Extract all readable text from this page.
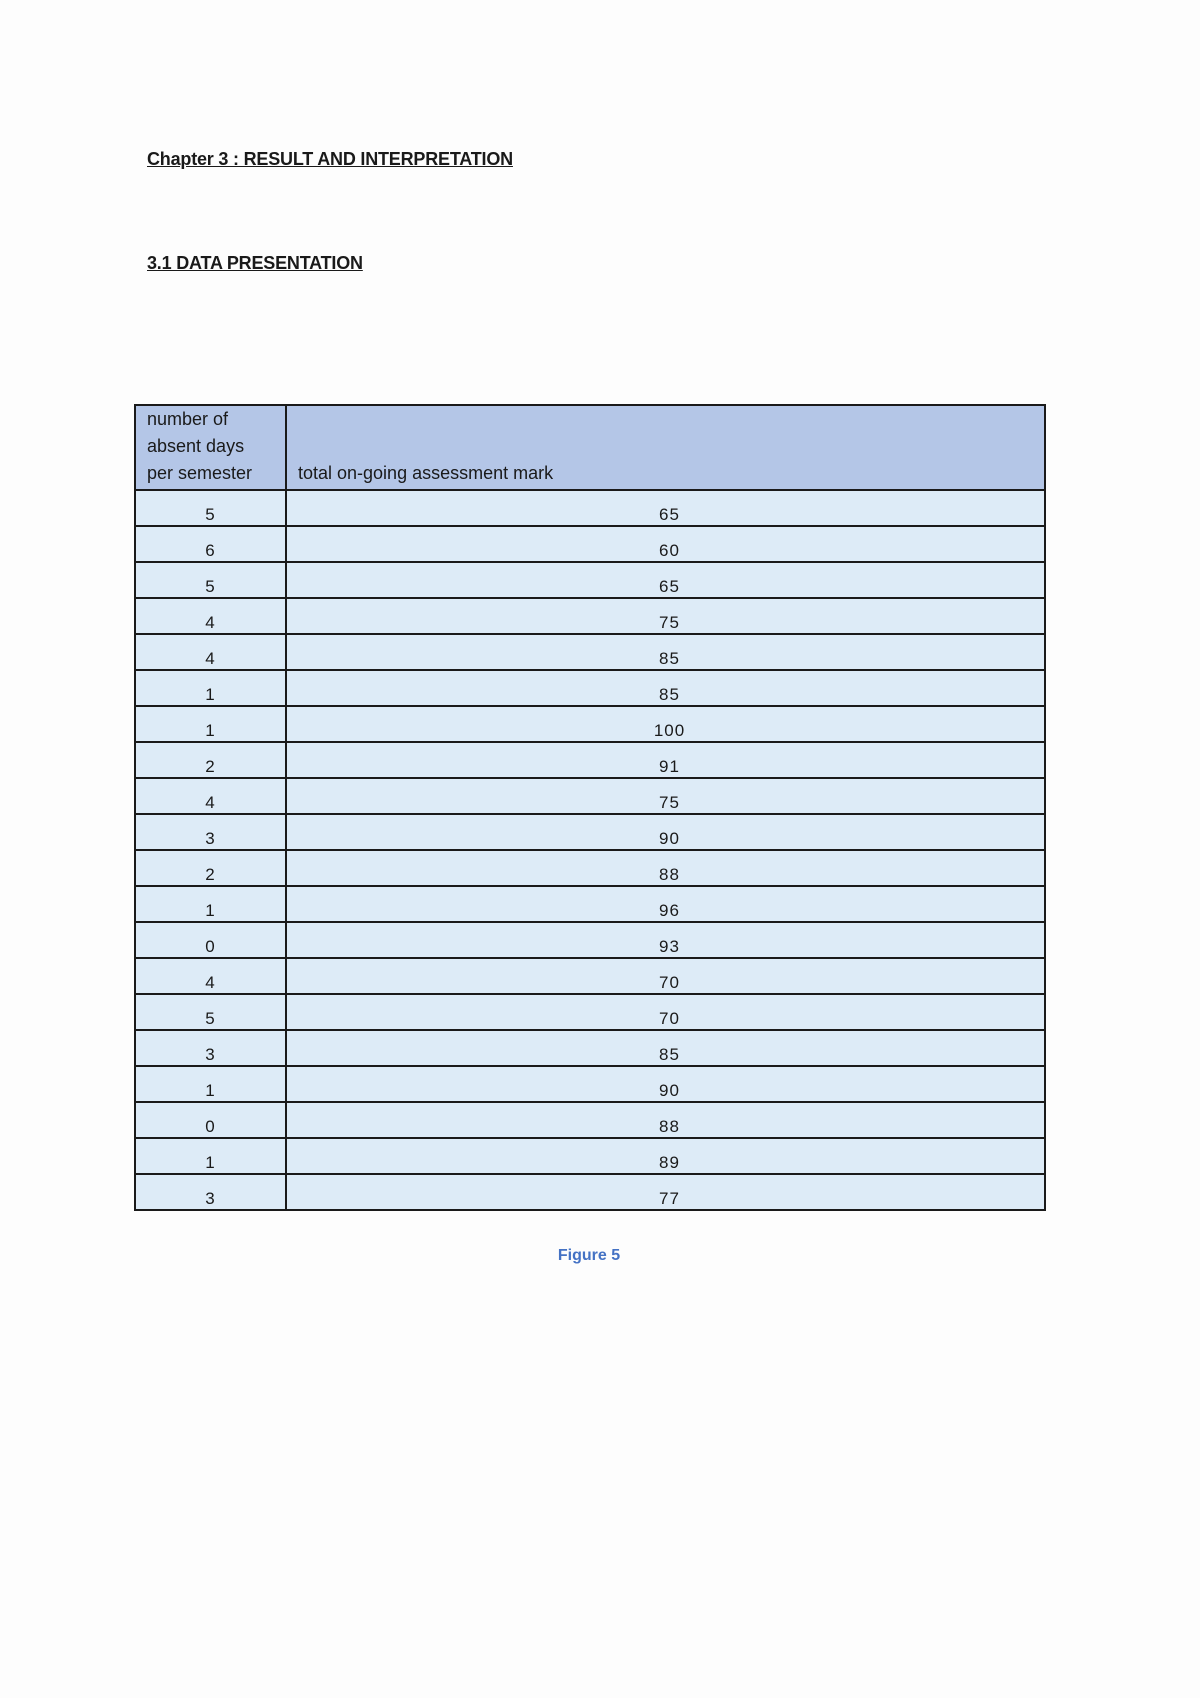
Chapter 3 : RESULT AND INTERPRETATION
3.1 DATA PRESENTATION
number of absent days per semester	total on-going assessment mark
5	65
6	60
5	65
4	75
4	85
1	85
1	100
2	91
4	75
3	90
2	88
1	96
0	93
4	70
5	70
3	85
1	90
0	88
1	89
3	77
Figure 5
